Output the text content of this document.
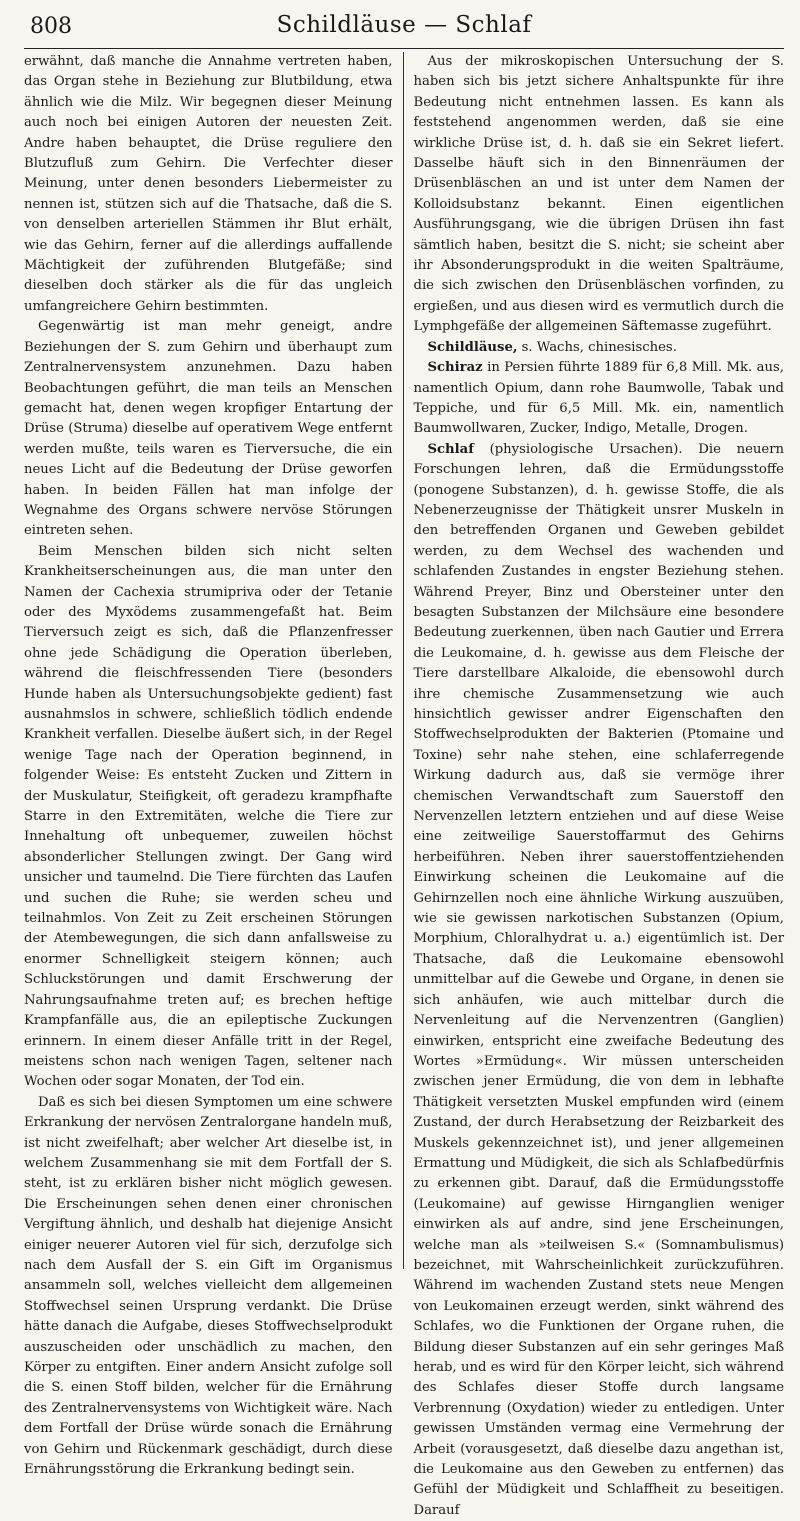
808	Schildläuse — Schlaf

erwähnt, daß manche die Annahme vertreten haben, das Organ stehe in Beziehung zur Blutbildung, etwa ähnlich wie die Milz. Wir begegnen dieser Meinung auch noch bei einigen Autoren der neuesten Zeit. Andre haben behauptet, die Drüse reguliere den Blutzufluß zum Gehirn. Die Verfechter dieser Meinung, unter denen besonders Liebermeister zu nennen ist, stützen sich auf die Thatsache, daß die S. von denselben arteriellen Stämmen ihr Blut erhält, wie das Gehirn, ferner auf die allerdings auffallende Mächtigkeit der zuführenden Blutgefäße; sind dieselben doch stärker als die für das ungleich umfangreichere Gehirn bestimmten.

Gegenwärtig ist man mehr geneigt, andre Beziehungen der S. zum Gehirn und überhaupt zum Zentralnervensystem anzunehmen. Dazu haben Beobachtungen geführt, die man teils an Menschen gemacht hat, denen wegen kropfiger Entartung der Drüse (Struma) dieselbe auf operativem Wege entfernt werden mußte, teils waren es Tierversuche, die ein neues Licht auf die Bedeutung der Drüse geworfen haben. In beiden Fällen hat man infolge der Wegnahme des Organs schwere nervöse Störungen eintreten sehen.

Beim Menschen bilden sich nicht selten Krankheitserscheinungen aus, die man unter den Namen der Cachexia strumipriva oder der Tetanie oder des Myxödems zusammengefaßt hat. Beim Tierversuch zeigt es sich, daß die Pflanzenfresser ohne jede Schädigung die Operation überleben, während die fleischfressenden Tiere (besonders Hunde haben als Untersuchungsobjekte gedient) fast ausnahmslos in schwere, schließlich tödlich endende Krankheit verfallen. Dieselbe äußert sich, in der Regel wenige Tage nach der Operation beginnend, in folgender Weise: Es entsteht Zucken und Zittern in der Muskulatur, Steifigkeit, oft geradezu krampfhafte Starre in den Extremitäten, welche die Tiere zur Innehaltung oft unbequemer, zuweilen höchst absonderlicher Stellungen zwingt. Der Gang wird unsicher und taumelnd. Die Tiere fürchten das Laufen und suchen die Ruhe; sie werden scheu und teilnahmlos. Von Zeit zu Zeit erscheinen Störungen der Atembewegungen, die sich dann anfallsweise zu enormer Schnelligkeit steigern können; auch Schluckstörungen und damit Erschwerung der Nahrungsaufnahme treten auf; es brechen heftige Krampfanfälle aus, die an epileptische Zuckungen erinnern. In einem dieser Anfälle tritt in der Regel, meistens schon nach wenigen Tagen, seltener nach Wochen oder sogar Monaten, der Tod ein.

Daß es sich bei diesen Symptomen um eine schwere Erkrankung der nervösen Zentralorgane handeln muß, ist nicht zweifelhaft; aber welcher Art dieselbe ist, in welchem Zusammenhang sie mit dem Fortfall der S. steht, ist zu erklären bisher nicht möglich gewesen. Die Erscheinungen sehen denen einer chronischen Vergiftung ähnlich, und deshalb hat diejenige Ansicht einiger neuerer Autoren viel für sich, derzufolge sich nach dem Ausfall der S. ein Gift im Organismus ansammeln soll, welches vielleicht dem allgemeinen Stoffwechsel seinen Ursprung verdankt. Die Drüse hätte danach die Aufgabe, dieses Stoffwechselprodukt auszuscheiden oder unschädlich zu machen, den Körper zu entgiften. Einer andern Ansicht zufolge soll die S. einen Stoff bilden, welcher für die Ernährung des Zentralnervensystems von Wichtigkeit wäre. Nach dem Fortfall der Drüse würde sonach die Ernährung von Gehirn und Rückenmark geschädigt, durch diese Ernährungsstörung die Erkrankung bedingt sein.

Aus der mikroskopischen Untersuchung der S. haben sich bis jetzt sichere Anhaltspunkte für ihre Bedeutung nicht entnehmen lassen. Es kann als feststehend angenommen werden, daß sie eine wirkliche Drüse ist, d. h. daß sie ein Sekret liefert. Dasselbe häuft sich in den Binnenräumen der Drüsenbläschen an und ist unter dem Namen der Kolloidsubstanz bekannt. Einen eigentlichen Ausführungsgang, wie die übrigen Drüsen ihn fast sämtlich haben, besitzt die S. nicht; sie scheint aber ihr Absonderungsprodukt in die weiten Spalträume, die sich zwischen den Drüsenbläschen vorfinden, zu ergießen, und aus diesen wird es vermutlich durch die Lymphgefäße der allgemeinen Säftemasse zugeführt.

Schildläuse, s. Wachs, chinesisches.

Schiraz in Persien führte 1889 für 6,8 Mill. Mk. aus, namentlich Opium, dann rohe Baumwolle, Tabak und Teppiche, und für 6,5 Mill. Mk. ein, namentlich Baumwollwaren, Zucker, Indigo, Metalle, Drogen.

Schlaf (physiologische Ursachen). Die neuern Forschungen lehren, daß die Ermüdungsstoffe (ponogene Substanzen), d. h. gewisse Stoffe, die als Nebenerzeugnisse der Thätigkeit unsrer Muskeln in den betreffenden Organen und Geweben gebildet werden, zu dem Wechsel des wachenden und schlafenden Zustandes in engster Beziehung stehen. Während Preyer, Binz und Obersteiner unter den besagten Substanzen der Milchsäure eine besondere Bedeutung zuerkennen, üben nach Gautier und Errera die Leukomaine, d. h. gewisse aus dem Fleische der Tiere darstellbare Alkaloide, die ebensowohl durch ihre chemische Zusammensetzung wie auch hinsichtlich gewisser andrer Eigenschaften den Stoffwechselprodukten der Bakterien (Ptomaine und Toxine) sehr nahe stehen, eine schlaferregende Wirkung dadurch aus, daß sie vermöge ihrer chemischen Verwandtschaft zum Sauerstoff den Nervenzellen letztern entziehen und auf diese Weise eine zeitweilige Sauerstoffarmut des Gehirns herbeiführen. Neben ihrer sauerstoffentziehenden Einwirkung scheinen die Leukomaine auf die Gehirnzellen noch eine ähnliche Wirkung auszuüben, wie sie gewissen narkotischen Substanzen (Opium, Morphium, Chloralhydrat u. a.) eigentümlich ist. Der Thatsache, daß die Leukomaine ebensowohl unmittelbar auf die Gewebe und Organe, in denen sie sich anhäufen, wie auch mittelbar durch die Nervenleitung auf die Nervenzentren (Ganglien) einwirken, entspricht eine zweifache Bedeutung des Wortes »Ermüdung«. Wir müssen unterscheiden zwischen jener Ermüdung, die von dem in lebhafte Thätigkeit versetzten Muskel empfunden wird (einem Zustand, der durch Herabsetzung der Reizbarkeit des Muskels gekennzeichnet ist), und jener allgemeinen Ermattung und Müdigkeit, die sich als Schlafbedürfnis zu erkennen gibt. Darauf, daß die Ermüdungsstoffe (Leukomaine) auf gewisse Hirnganglien weniger einwirken als auf andre, sind jene Erscheinungen, welche man als »teilweisen S.« (Somnambulismus) bezeichnet, mit Wahrscheinlichkeit zurückzuführen. Während im wachenden Zustand stets neue Mengen von Leukomainen erzeugt werden, sinkt während des Schlafes, wo die Funktionen der Organe ruhen, die Bildung dieser Substanzen auf ein sehr geringes Maß herab, und es wird für den Körper leicht, sich während des Schlafes dieser Stoffe durch langsame Verbrennung (Oxydation) wieder zu entledigen. Unter gewissen Umständen vermag eine Vermehrung der Arbeit (vorausgesetzt, daß dieselbe dazu angethan ist, die Leukomaine aus den Geweben zu entfernen) das Gefühl der Müdigkeit und Schlaffheit zu beseitigen. Darauf
